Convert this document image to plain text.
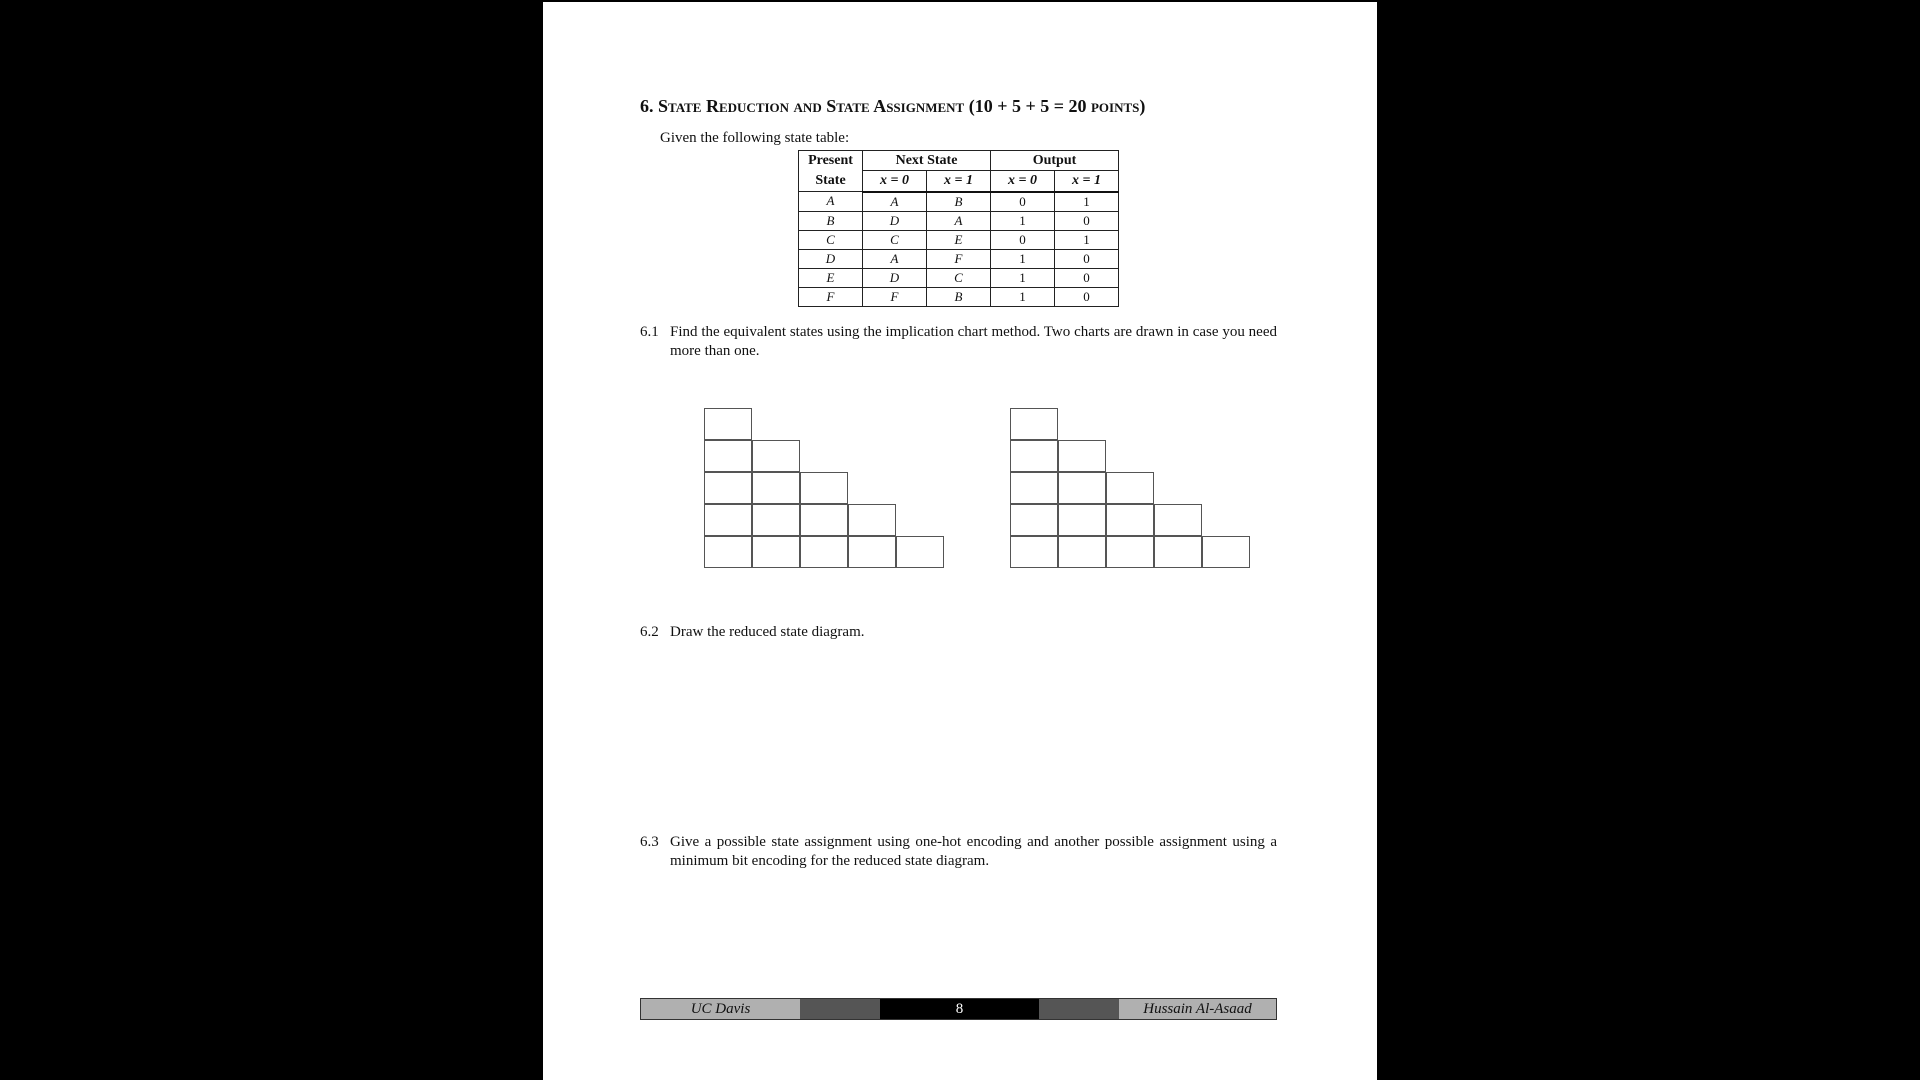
6. State Reduction and State Assignment (10 + 5 + 5 = 20 points)
Given the following state table:
Present
State	Next State		Output	
	x = 0	x = 1	x = 0	x = 1
A	A	B	0	1
B	D	A	1	0
C	C	E	0	1
D	A	F	1	0
E	D	C	1	0
F	F	B	1	0
6.1 Find the equivalent states using the implication chart method. Two charts are drawn in case you need more than one.
6.2 Draw the reduced state diagram.
6.3 Give a possible state assignment using one-hot encoding and another possible assignment using a minimum bit encoding for the reduced state diagram.
UC Davis	8	Hussain Al-Asaad
